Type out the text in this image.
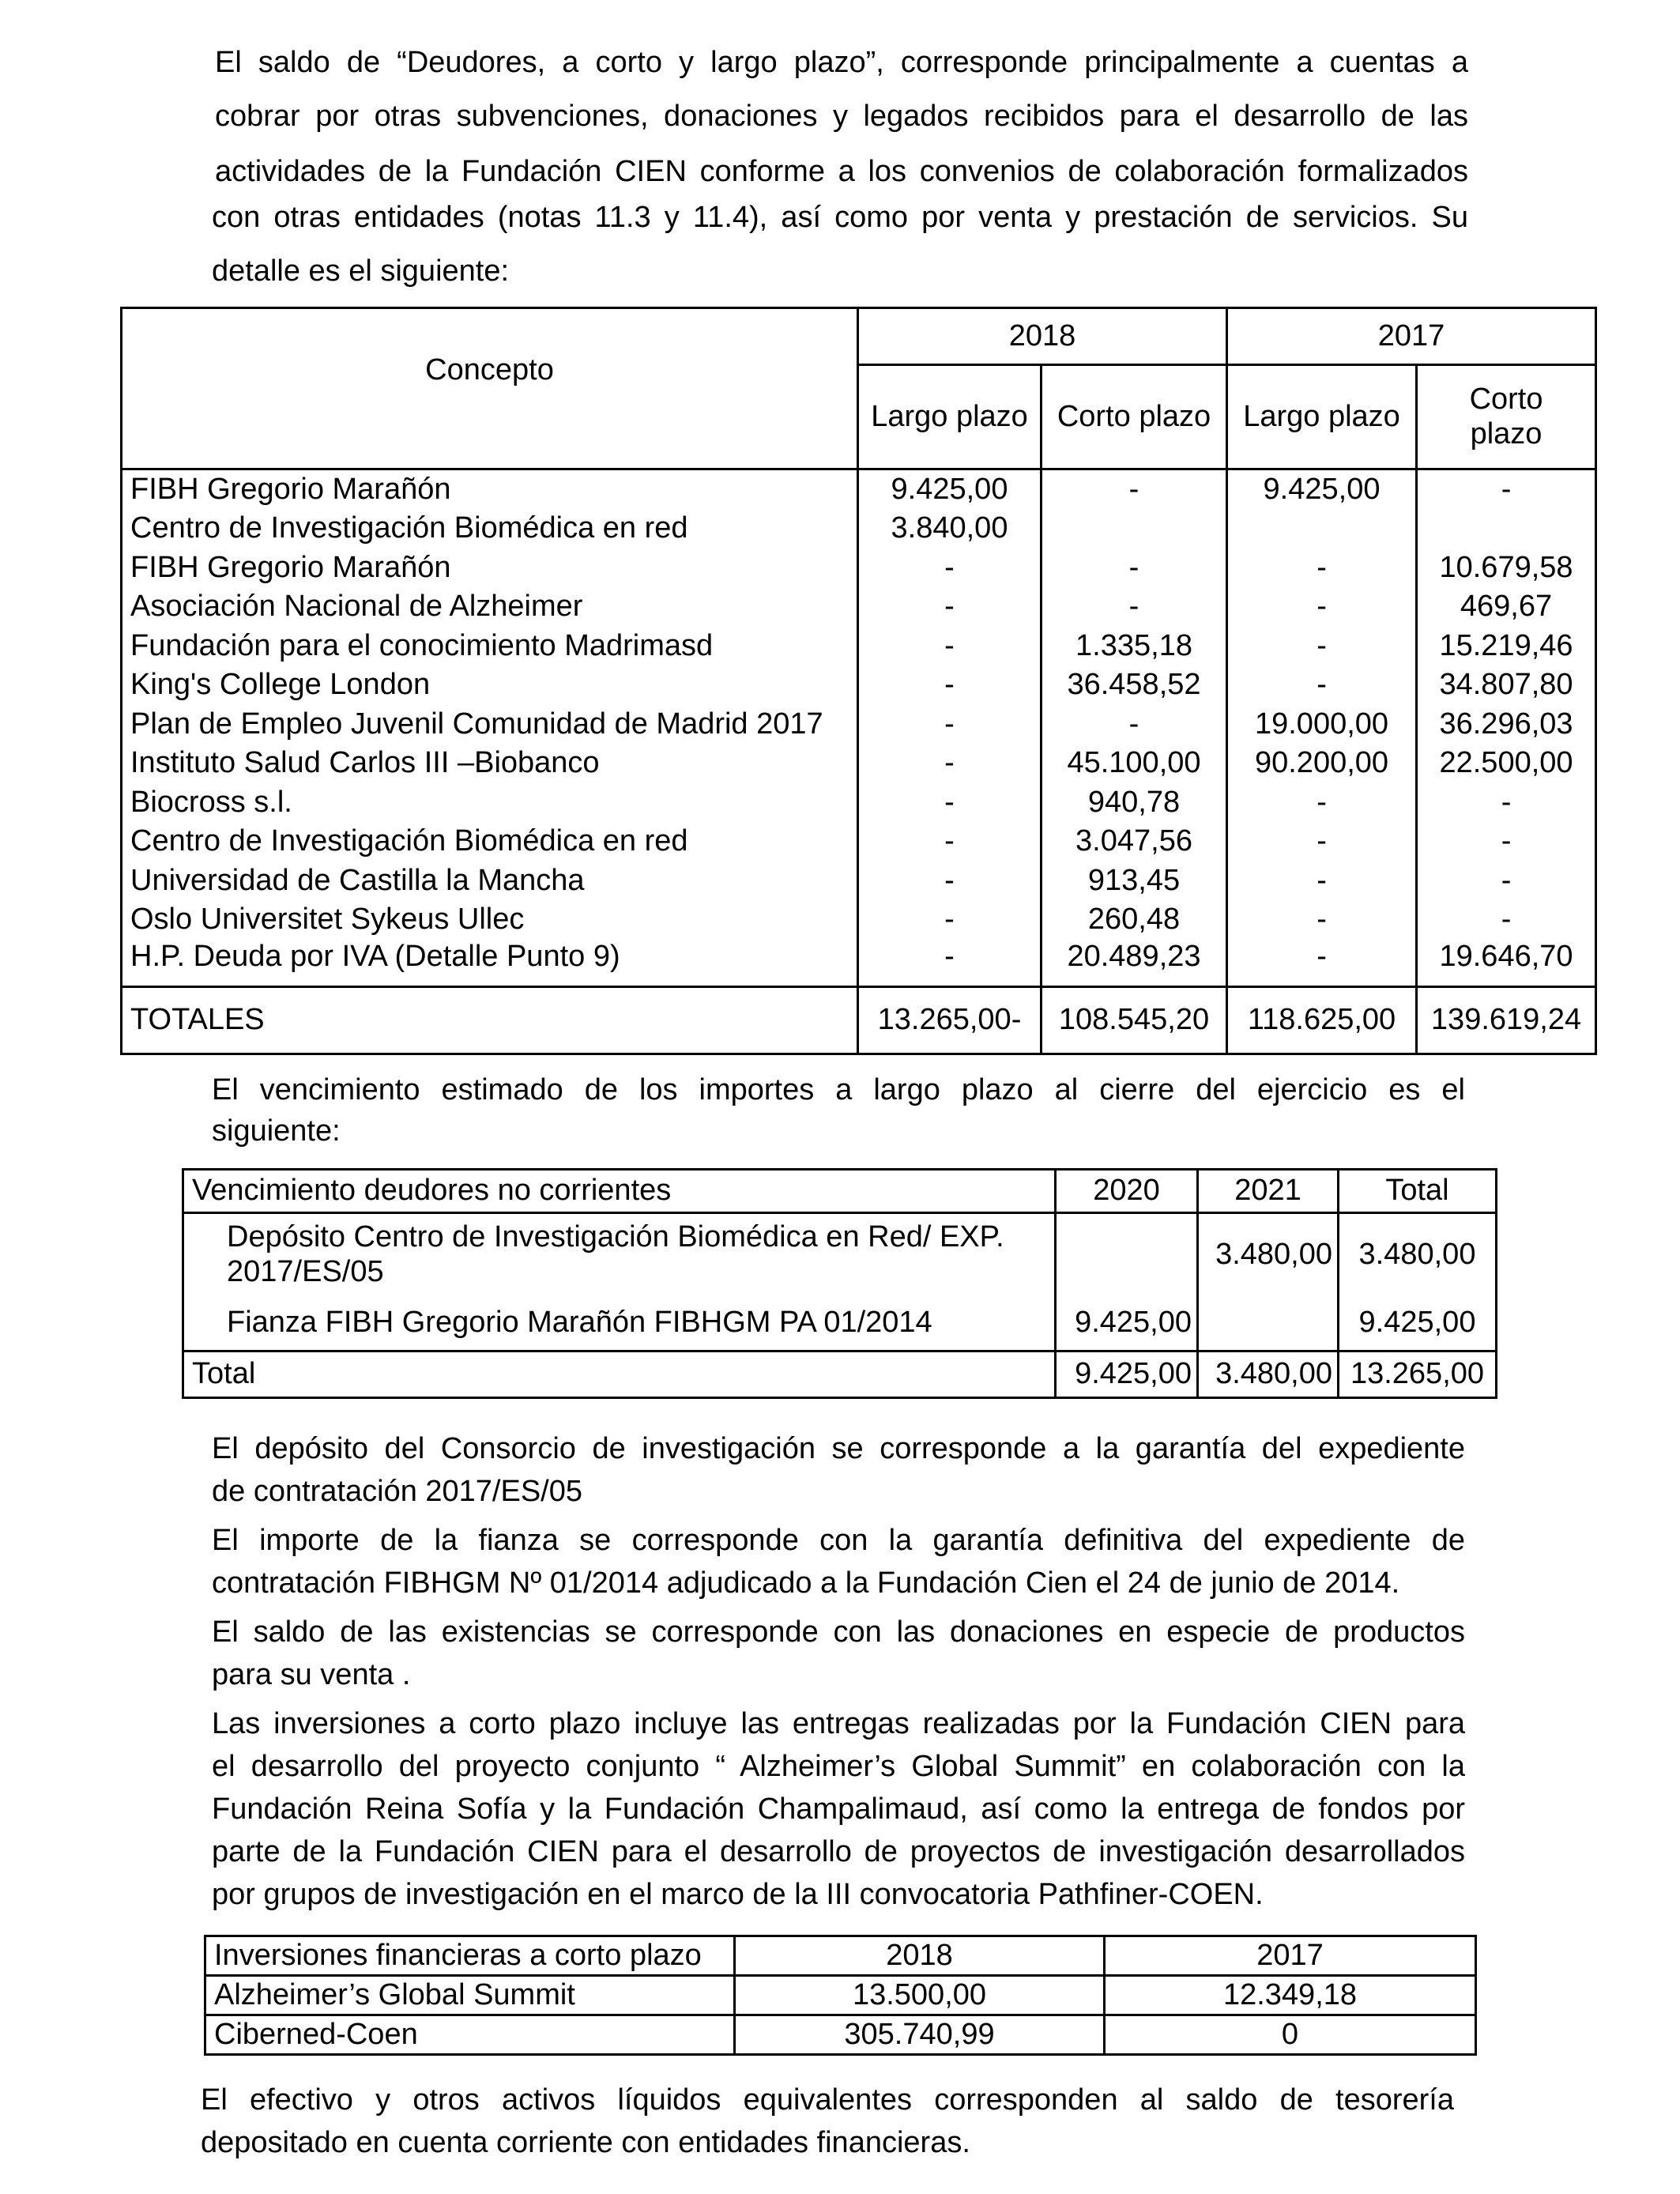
El saldo de “Deudores, a corto y largo plazo”, corresponde principalmente a cuentas a
cobrar por otras subvenciones, donaciones y legados recibidos para el desarrollo de las
actividades de la Fundación CIEN conforme a los convenios de colaboración formalizados
con otras entidades (notas 11.3 y 11.4), así como por venta y prestación de servicios. Su
detalle es el siguiente:
Concepto	2018		2017	
	Largo plazo	Corto plazo	Largo plazo	Corto
plazo
FIBH Gregorio Marañón	9.425,00	-	9.425,00	-
Centro de Investigación Biomédica en red	3.840,00			
FIBH Gregorio Marañón	-	-	-	10.679,58
Asociación Nacional de Alzheimer	-	-	-	469,67
Fundación para el conocimiento Madrimasd	-	1.335,18	-	15.219,46
King's College London	-	36.458,52	-	34.807,80
Plan de Empleo Juvenil Comunidad de Madrid 2017	-	-	19.000,00	36.296,03
Instituto Salud Carlos III –Biobanco	-	45.100,00	90.200,00	22.500,00
Biocross s.l.	-	940,78	-	-
Centro de Investigación Biomédica en red	-	3.047,56	-	-
Universidad de Castilla la Mancha	-	913,45	-	-
Oslo Universitet Sykeus Ullec	-	260,48	-	-
H.P. Deuda por IVA (Detalle Punto 9)	-	20.489,23	-	19.646,70
TOTALES	13.265,00-	108.545,20	118.625,00	139.619,24
El vencimiento estimado de los importes a largo plazo al cierre del ejercicio es el
siguiente:
Vencimiento deudores no corrientes	2020	2021	Total
Depósito Centro de Investigación Biomédica en Red/ EXP.
2017/ES/05		3.480,00	3.480,00
Fianza FIBH Gregorio Marañón FIBHGM PA 01/2014	9.425,00		9.425,00
Total	9.425,00	3.480,00	13.265,00
El depósito del Consorcio de investigación se corresponde a la garantía del expediente
de contratación 2017/ES/05
El importe de la fianza se corresponde con la garantía definitiva del expediente de
contratación FIBHGM Nº 01/2014 adjudicado a la Fundación Cien el 24 de junio de 2014.
El saldo de las existencias se corresponde con las donaciones en especie de productos
para su venta .
Las inversiones a corto plazo incluye las entregas realizadas por la Fundación CIEN para
el desarrollo del proyecto conjunto “ Alzheimer’s Global Summit” en colaboración con la
Fundación Reina Sofía y la Fundación Champalimaud, así como la entrega de fondos por
parte de la Fundación CIEN para el desarrollo de proyectos de investigación desarrollados
por grupos de investigación en el marco de la III convocatoria Pathfiner-COEN.
Inversiones financieras a corto plazo	2018	2017
Alzheimer’s Global Summit	13.500,00	12.349,18
Ciberned-Coen	305.740,99	0
El efectivo y otros activos líquidos equivalentes corresponden al saldo de tesorería
depositado en cuenta corriente con entidades financieras.
